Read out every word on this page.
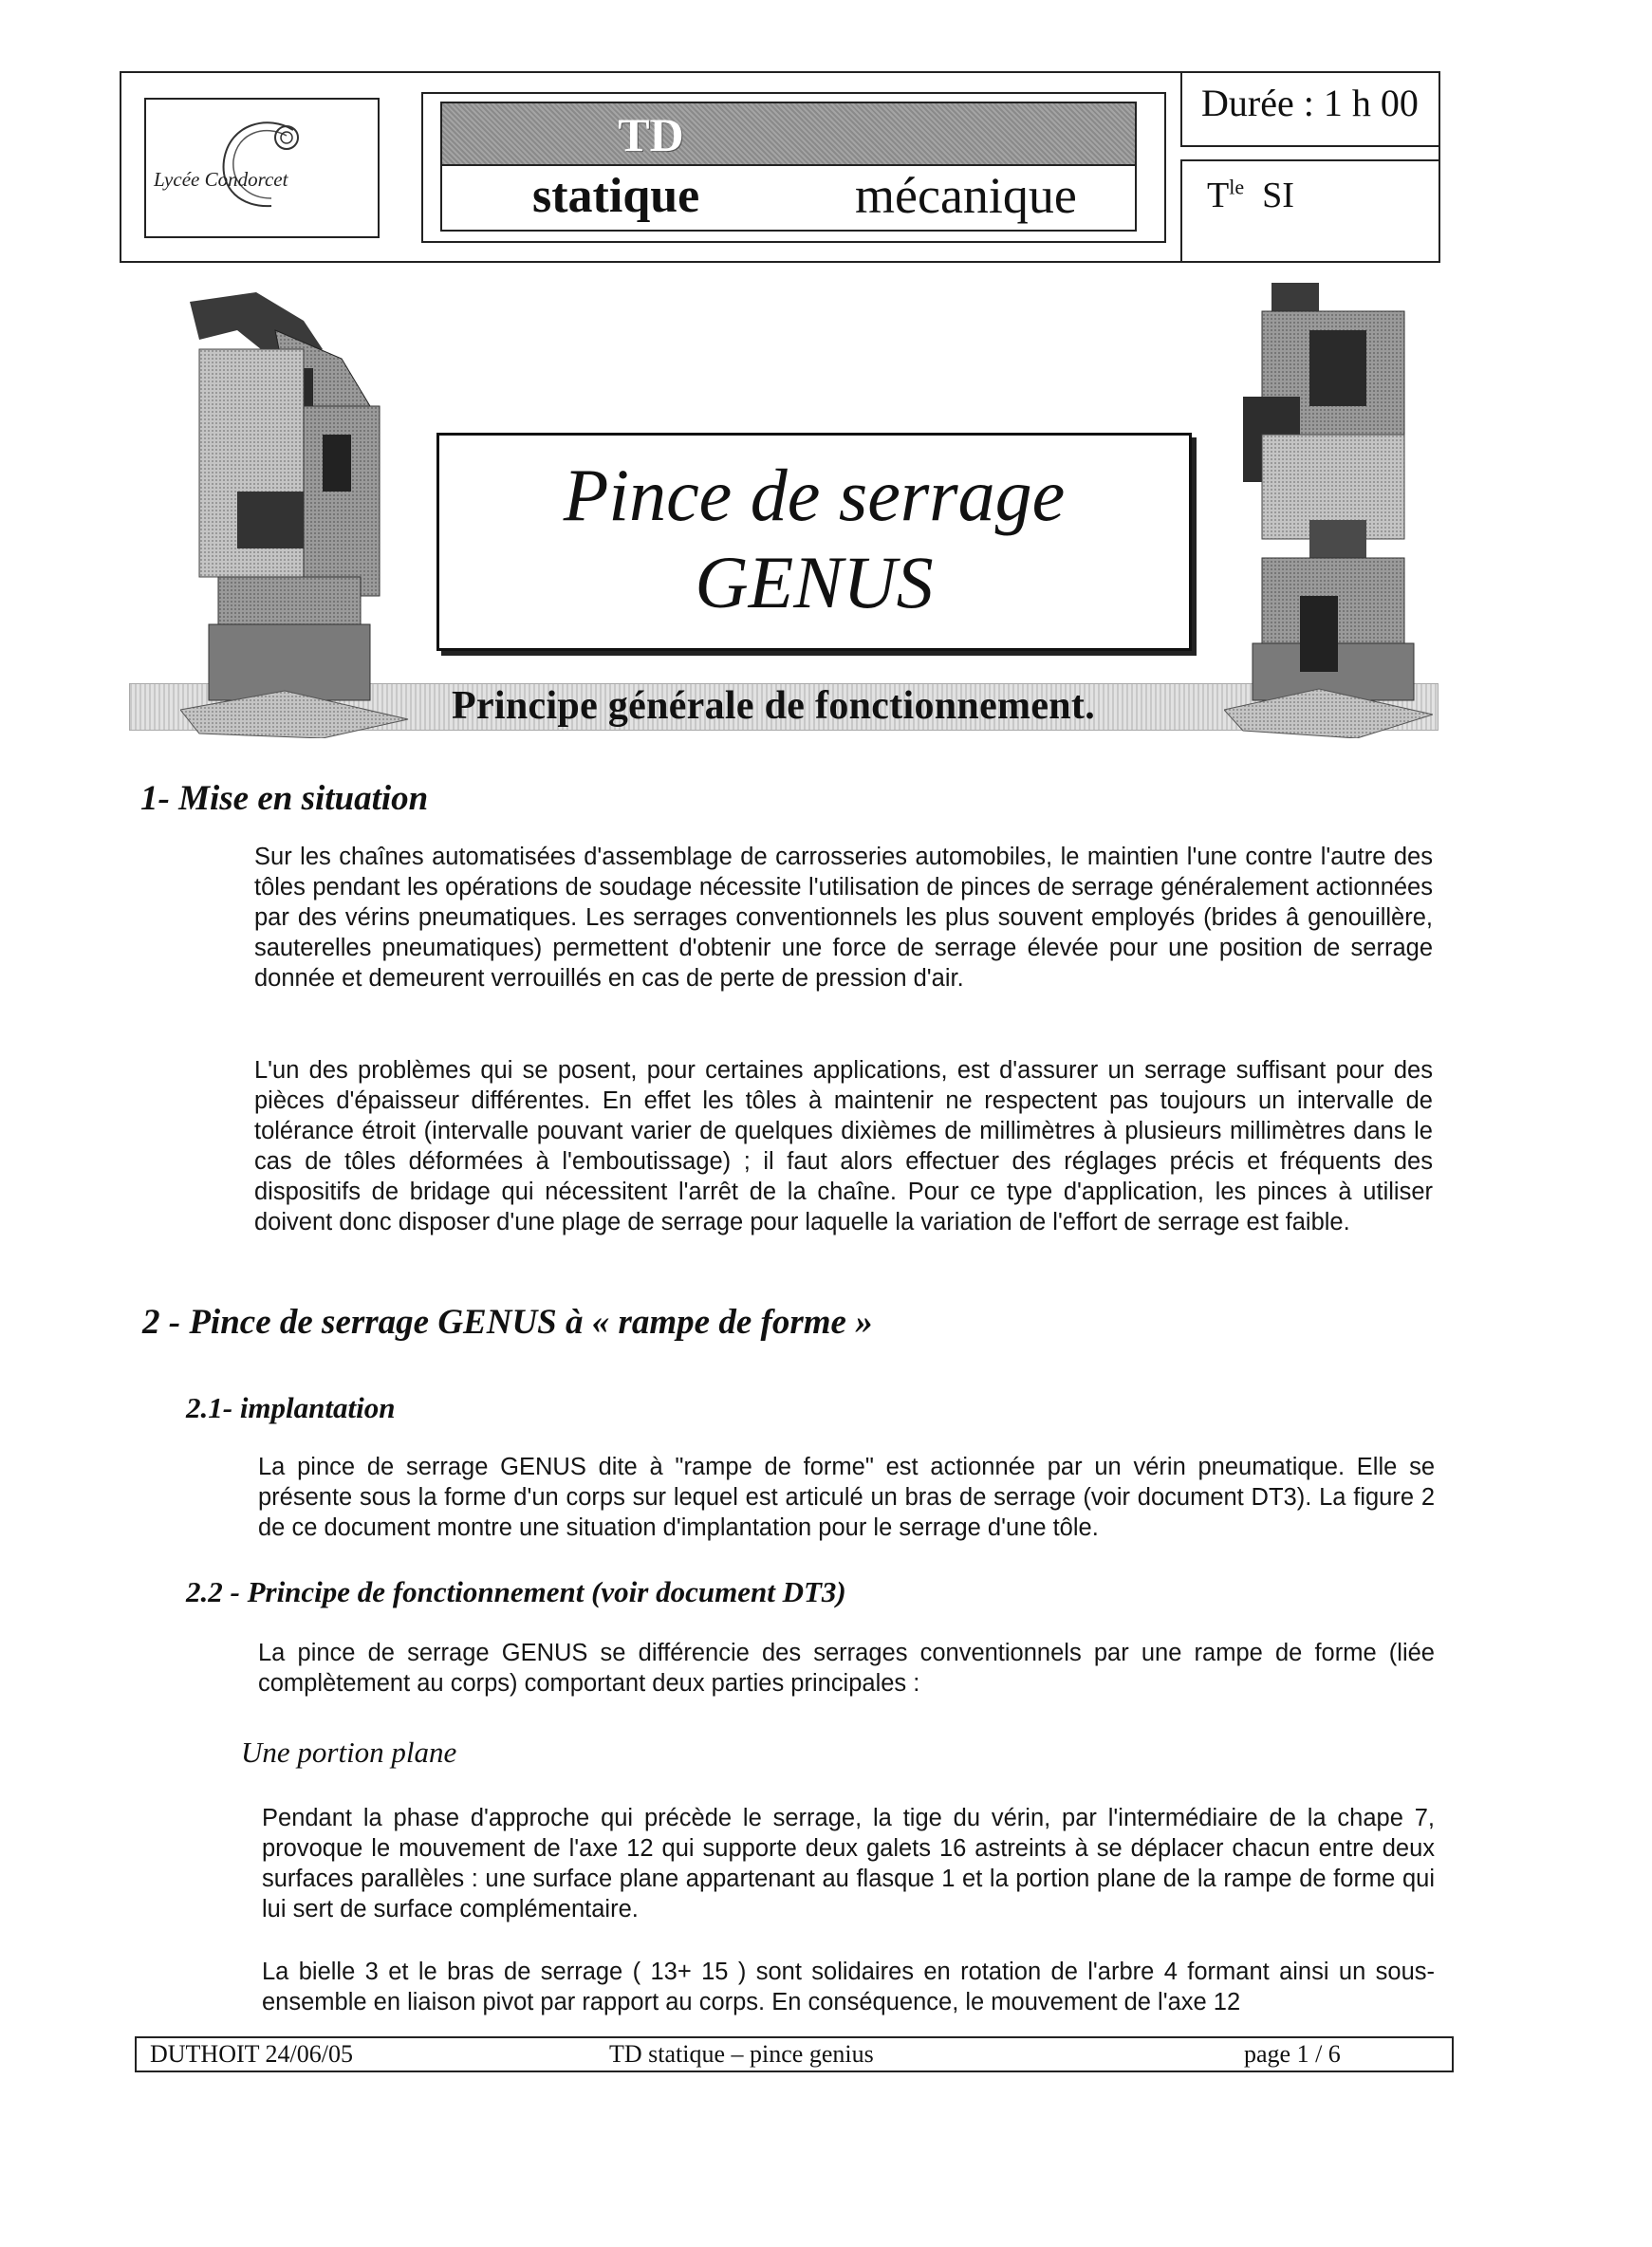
Lycée Condorcet
TD
statique	mécanique
Durée : 1 h 00
$T^{le}$ SI
Pince de serrage
GENUS
Principe générale de fonctionnement.
1- Mise en situation
Sur les chaînes automatisées d'assemblage de carrosseries automobiles, le maintien l'une contre l'autre des tôles pendant les opérations de soudage nécessite l'utilisation de pinces de serrage généralement actionnées par des vérins pneumatiques. Les serrages conventionnels les plus souvent employés (brides â genouillère, sauterelles pneumatiques) permettent d'obtenir une force de serrage élevée pour une position de serrage donnée et demeurent verrouillés en cas de perte de pression d'air.
L'un des problèmes qui se posent, pour certaines applications, est d'assurer un serrage suffisant pour des pièces d'épaisseur différentes. En effet les tôles à maintenir ne respectent pas toujours un intervalle de tolérance étroit (intervalle pouvant varier de quelques dixièmes de millimètres à plusieurs millimètres dans le cas de tôles déformées à l'emboutissage) ; il faut alors effectuer des réglages précis et fréquents des dispositifs de bridage qui nécessitent l'arrêt de la chaîne. Pour ce type d'application, les pinces à utiliser doivent donc disposer d'une plage de serrage pour laquelle la variation de l'effort de serrage est faible.
2 - Pince de serrage GENUS à « rampe de forme »
2.1- implantation
La pince de serrage GENUS dite à "rampe de forme" est actionnée par un vérin pneumatique. Elle se présente sous la forme d'un corps sur lequel est articulé un bras de serrage (voir document DT3). La figure 2 de ce document montre une situation d'implantation pour le serrage d'une tôle.
2.2 - Principe de fonctionnement (voir document DT3)
La pince de serrage GENUS se différencie des serrages conventionnels par une rampe de forme (liée complètement au corps) comportant deux parties principales :
Une portion plane
Pendant la phase d'approche qui précède le serrage, la tige du vérin, par l'intermédiaire de la chape 7, provoque le mouvement de l'axe 12 qui supporte deux galets 16 astreints à se déplacer chacun entre deux surfaces parallèles : une surface plane appartenant au flasque 1 et la portion plane de la rampe de forme qui lui sert de surface complémentaire.
La bielle 3 et le bras de serrage ( 13+ 15 ) sont solidaires en rotation de l'arbre 4 formant ainsi un sous-ensemble en liaison pivot par rapport au corps. En conséquence, le mouvement de l'axe 12
DUTHOIT 24/06/05	TD statique – pince genius	page 1 / 6
